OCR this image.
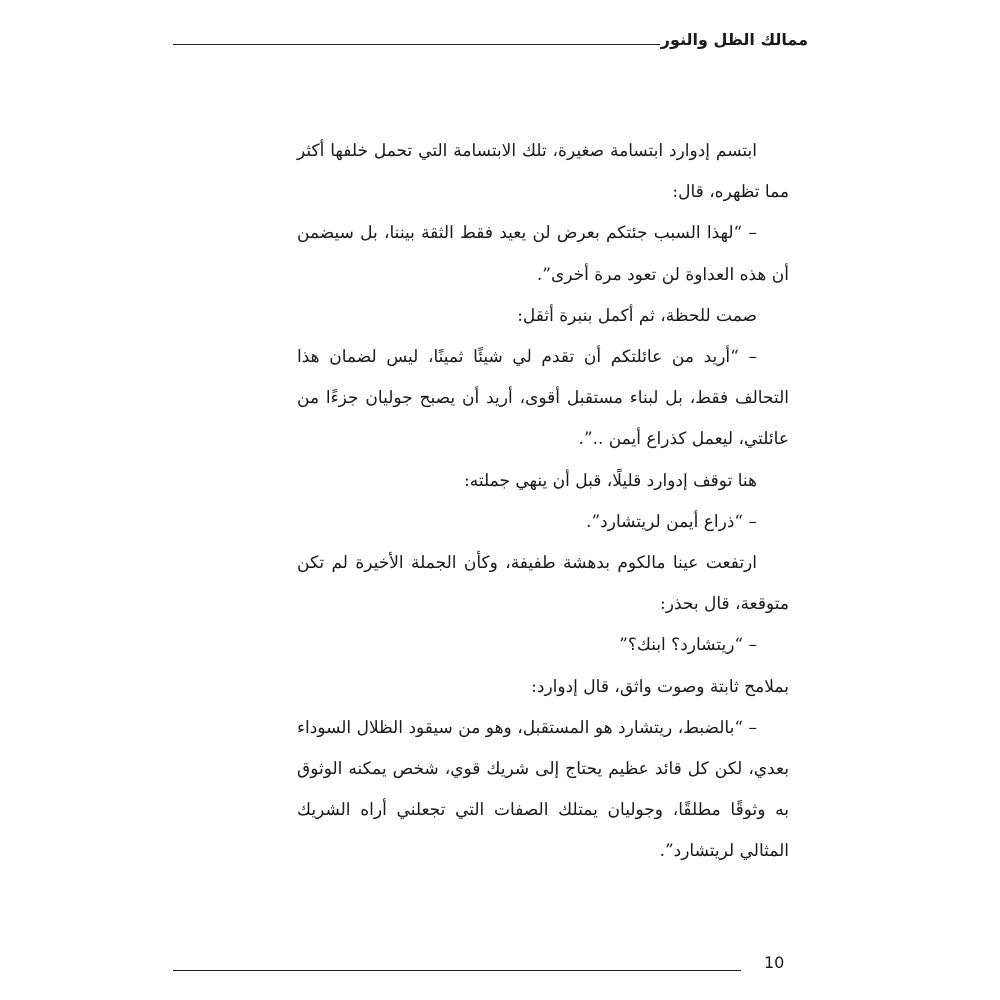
ممالك الظل والنور

ابتسم إدوارد ابتسامة صغيرة، تلك الابتسامة التي تحمل خلفها أكثر مما تظهره، قال:

– “لهذا السبب جئتكم بعرض لن يعيد فقط الثقة بيننا، بل سيضمن أن هذه العداوة لن تعود مرة أخرى”.

صمت للحظة، ثم أكمل بنبرة أثقل:

– “أريد من عائلتكم أن تقدم لي شيئًا ثمينًا، ليس لضمان هذا التحالف فقط، بل لبناء مستقبل أقوى، أريد أن يصبح جوليان جزءًا من عائلتي، ليعمل كذراع أيمن ..”.

هنا توقف إدوارد قليلًا، قبل أن ينهي جملته:

– “ذراع أيمن لريتشارد”.

ارتفعت عينا مالكوم بدهشة طفيفة، وكأن الجملة الأخيرة لم تكن متوقعة، قال بحذر:

– “ريتشارد؟ ابنك؟”

بملامح ثابتة وصوت واثق، قال إدوارد:

– “بالضبط، ريتشارد هو المستقبل، وهو من سيقود الظلال السوداء بعدي، لكن كل قائد عظيم يحتاج إلى شريك قوي، شخص يمكنه الوثوق به وثوقًا مطلقًا، وجوليان يمتلك الصفات التي تجعلني أراه الشريك المثالي لريتشارد”.

10
